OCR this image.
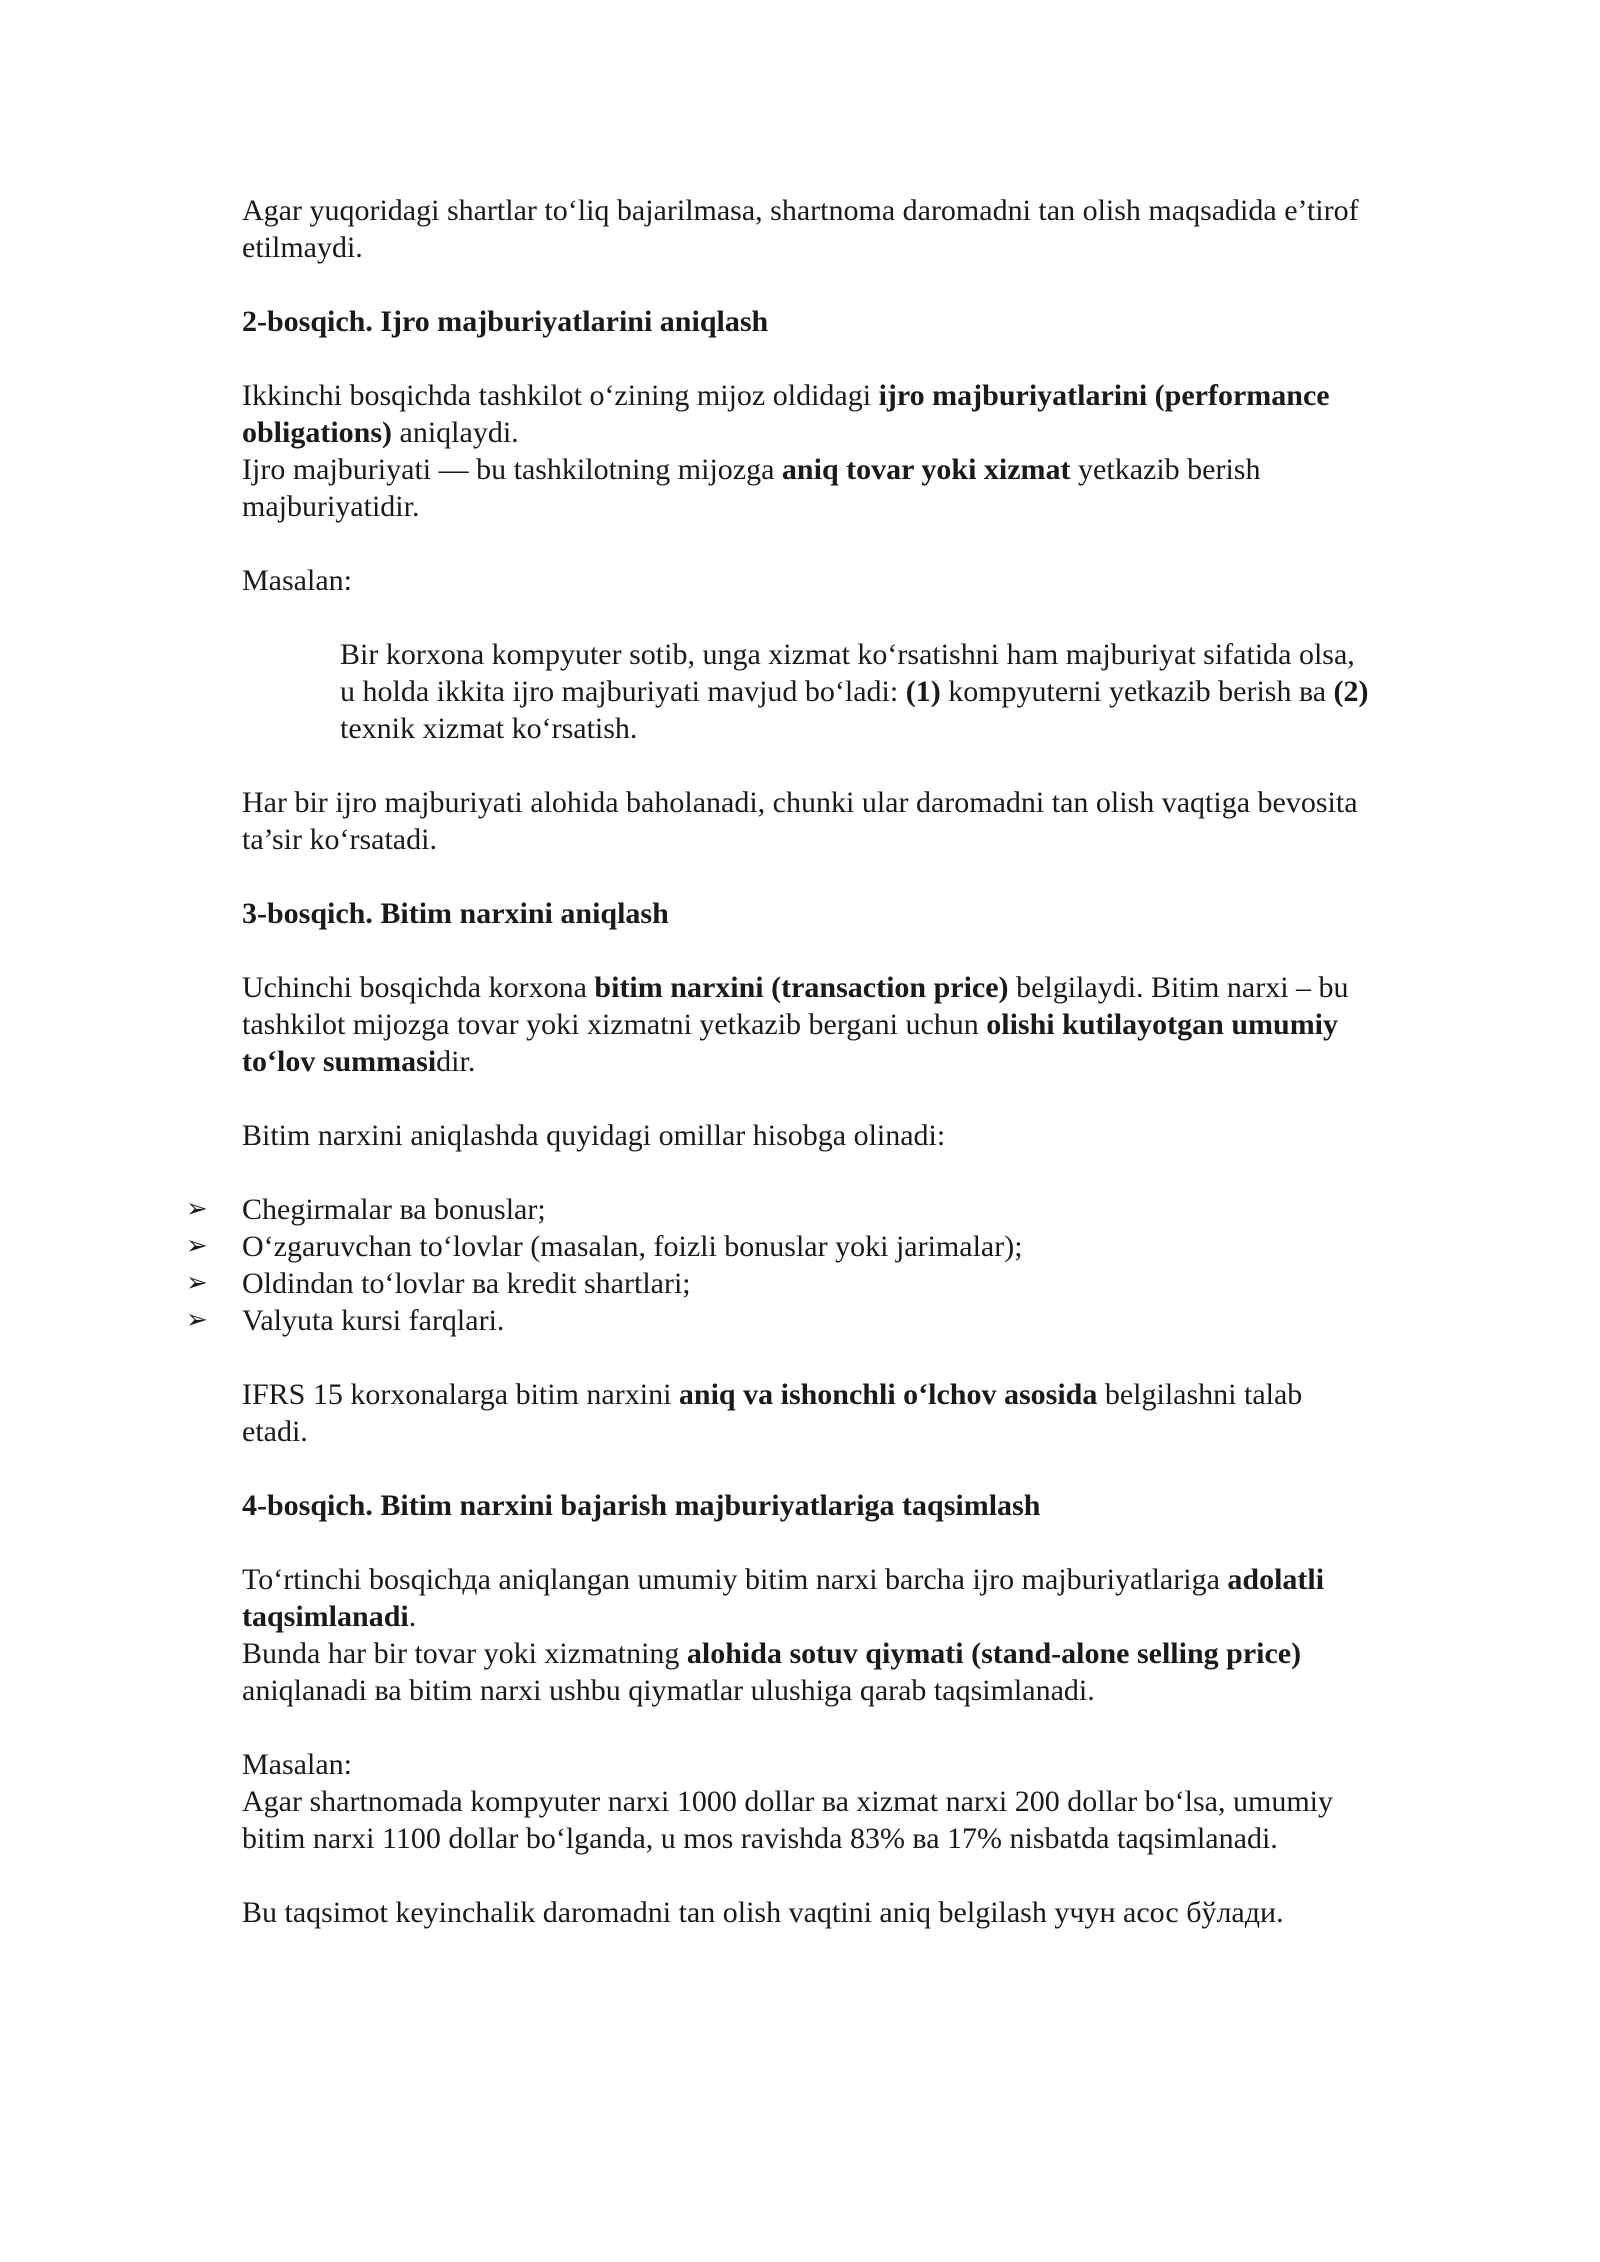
Agar yuqoridagi shartlar to‘liq bajarilmasa, shartnoma daromadni tan olish maqsadida e’tirof etilmaydi.

2-bosqich. Ijro majburiyatlarini aniqlash

Ikkinchi bosqichda tashkilot o‘zining mijoz oldidagi ijro majburiyatlarini (performance obligations) aniqlaydi.

Ijro majburiyati — bu tashkilotning mijozga aniq tovar yoki xizmat yetkazib berish majburiyatidir.

Masalan:

Bir korxona kompyuter sotib, unga xizmat ko‘rsatishni ham majburiyat sifatida olsa, u holda ikkita ijro majburiyati mavjud bo‘ladi: (1) kompyuterni yetkazib berish ва (2) texnik xizmat ko‘rsatish.

Har bir ijro majburiyati alohida baholanadi, chunki ular daromadni tan olish vaqtiga bevosita ta’sir ko‘rsatadi.

3-bosqich. Bitim narxini aniqlash

Uchinchi bosqichda korxona bitim narxini (transaction price) belgilaydi. Bitim narxi – bu tashkilot mijozga tovar yoki xizmatni yetkazib bergani uchun olishi kutilayotgan umumiy to‘lov summasidir.

Bitim narxini aniqlashda quyidagi omillar hisobga olinadi:

➢ Chegirmalar ва bonuslar;
➢ O‘zgaruvchan to‘lovlar (masalan, foizli bonuslar yoki jarimalar);
➢ Oldindan to‘lovlar ва kredit shartlari;
➢ Valyuta kursi farqlari.

IFRS 15 korxonalarga bitim narxini aniq va ishonchli o‘lchov asosida belgilashni talab etadi.

4-bosqich. Bitim narxini bajarish majburiyatlariga taqsimlash

To‘rtinchi bosqichда aniqlangan umumiy bitim narxi barcha ijro majburiyatlariga adolatli taqsimlanadi.

Bunda har bir tovar yoki xizmatning alohida sotuv qiymati (stand-alone selling price) aniqlanadi ва bitim narxi ushbu qiymatlar ulushiga qarab taqsimlanadi.

Masalan:

Agar shartnomada kompyuter narxi 1000 dollar ва xizmat narxi 200 dollar bo‘lsa, umumiy bitim narxi 1100 dollar bo‘lganda, u mos ravishda 83% ва 17% nisbatda taqsimlanadi.

Bu taqsimot keyinchalik daromadni tan olish vaqtini aniq belgilash учун асос бўлади.
